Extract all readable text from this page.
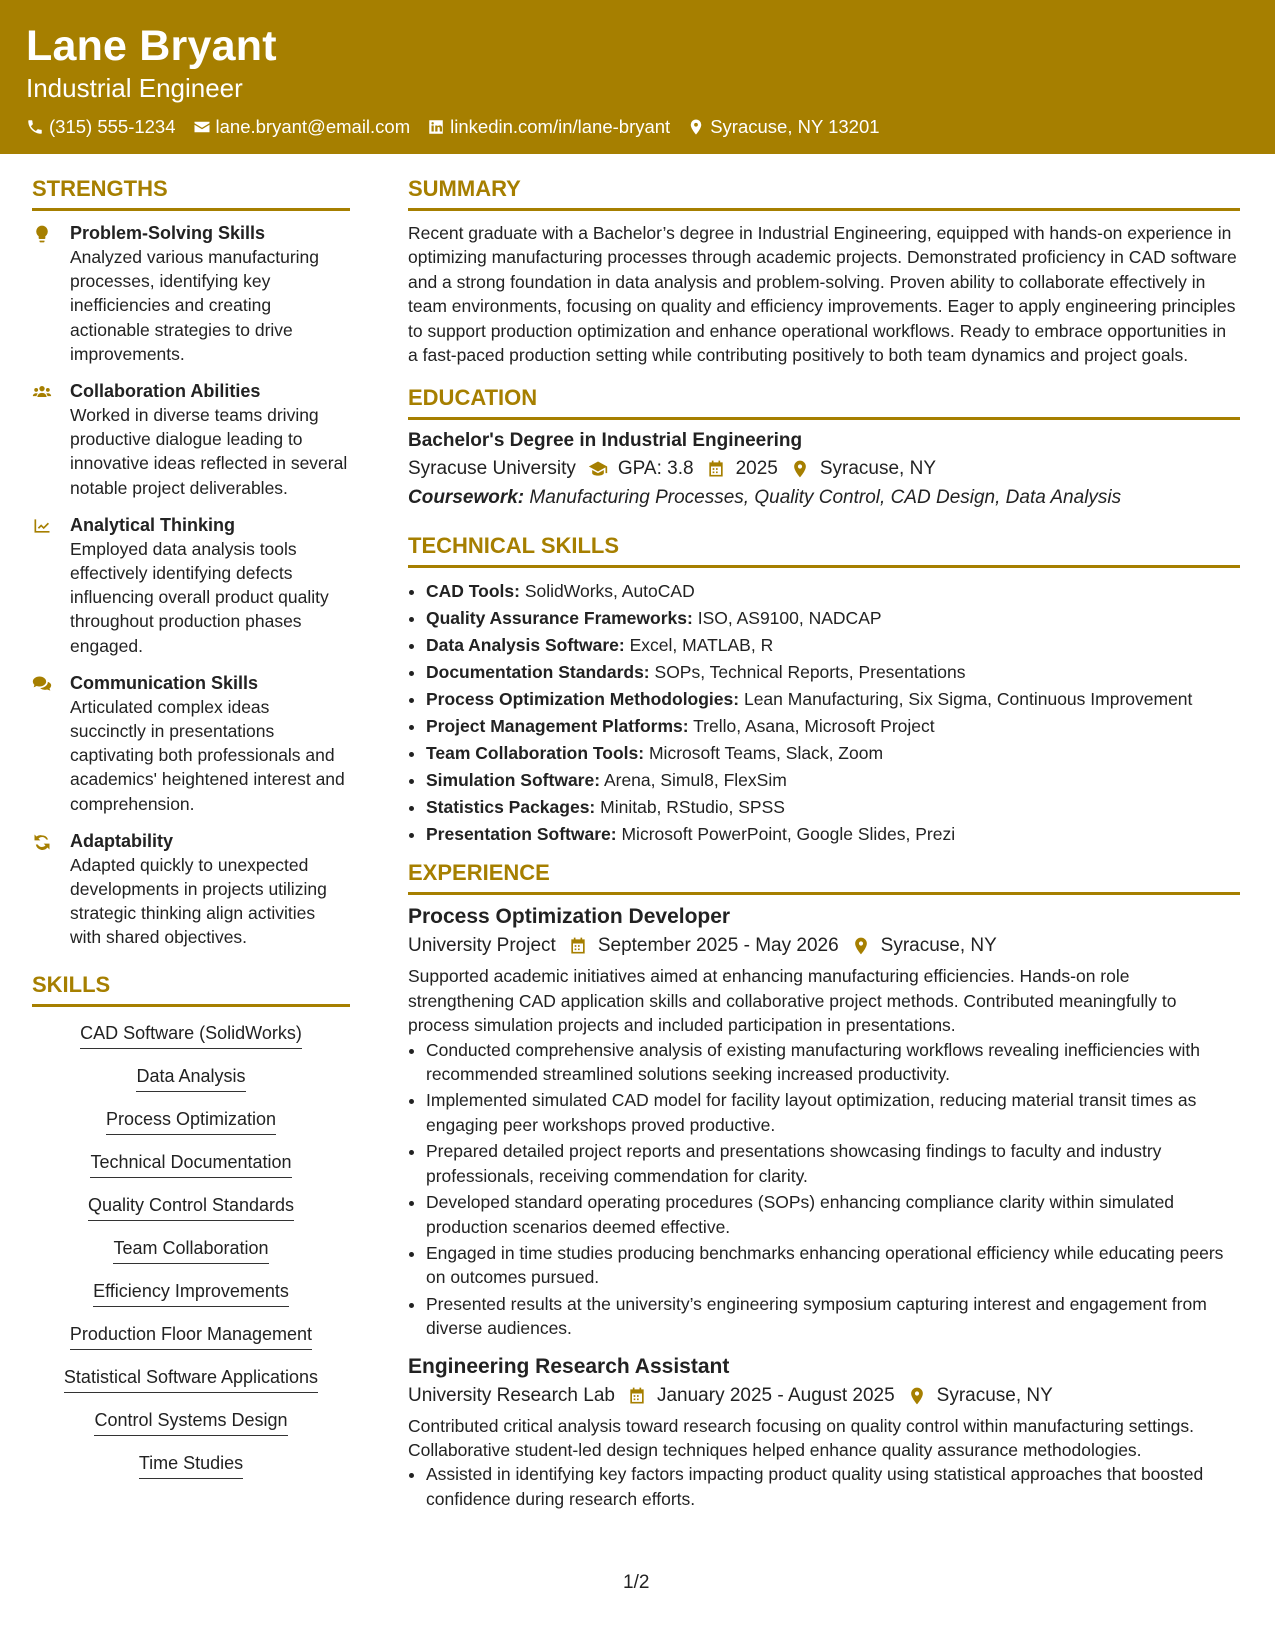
Lane Bryant
Industrial Engineer
(315) 555-1234 lane.bryant@email.com linkedin.com/in/lane-bryant Syracuse, NY 13201
STRENGTHS
Problem-Solving Skills
Analyzed various manufacturing processes, identifying key inefficiencies and creating actionable strategies to drive improvements.
Collaboration Abilities
Worked in diverse teams driving productive dialogue leading to innovative ideas reflected in several notable project deliverables.
Analytical Thinking
Employed data analysis tools effectively identifying defects influencing overall product quality throughout production phases engaged.
Communication Skills
Articulated complex ideas succinctly in presentations captivating both professionals and academics' heightened interest and comprehension.
Adaptability
Adapted quickly to unexpected developments in projects utilizing strategic thinking align activities with shared objectives.
SKILLS
CAD Software (SolidWorks)
Data Analysis
Process Optimization
Technical Documentation
Quality Control Standards
Team Collaboration
Efficiency Improvements
Production Floor Management
Statistical Software Applications
Control Systems Design
Time Studies
SUMMARY
Recent graduate with a Bachelor’s degree in Industrial Engineering, equipped with hands-on experience in optimizing manufacturing processes through academic projects. Demonstrated proficiency in CAD software and a strong foundation in data analysis and problem-solving. Proven ability to collaborate effectively in team environments, focusing on quality and efficiency improvements. Eager to apply engineering principles to support production optimization and enhance operational workflows. Ready to embrace opportunities in a fast-paced production setting while contributing positively to both team dynamics and project goals.
EDUCATION
Bachelor's Degree in Industrial Engineering
Syracuse University GPA: 3.8 2025 Syracuse, NY
Coursework: Manufacturing Processes, Quality Control, CAD Design, Data Analysis
TECHNICAL SKILLS
• CAD Tools: SolidWorks, AutoCAD
• Quality Assurance Frameworks: ISO, AS9100, NADCAP
• Data Analysis Software: Excel, MATLAB, R
• Documentation Standards: SOPs, Technical Reports, Presentations
• Process Optimization Methodologies: Lean Manufacturing, Six Sigma, Continuous Improvement
• Project Management Platforms: Trello, Asana, Microsoft Project
• Team Collaboration Tools: Microsoft Teams, Slack, Zoom
• Simulation Software: Arena, Simul8, FlexSim
• Statistics Packages: Minitab, RStudio, SPSS
• Presentation Software: Microsoft PowerPoint, Google Slides, Prezi
EXPERIENCE
Process Optimization Developer
University Project September 2025 - May 2026 Syracuse, NY
Supported academic initiatives aimed at enhancing manufacturing efficiencies. Hands-on role strengthening CAD application skills and collaborative project methods. Contributed meaningfully to process simulation projects and included participation in presentations.
• Conducted comprehensive analysis of existing manufacturing workflows revealing inefficiencies with recommended streamlined solutions seeking increased productivity.
• Implemented simulated CAD model for facility layout optimization, reducing material transit times as engaging peer workshops proved productive.
• Prepared detailed project reports and presentations showcasing findings to faculty and industry professionals, receiving commendation for clarity.
• Developed standard operating procedures (SOPs) enhancing compliance clarity within simulated production scenarios deemed effective.
• Engaged in time studies producing benchmarks enhancing operational efficiency while educating peers on outcomes pursued.
• Presented results at the university’s engineering symposium capturing interest and engagement from diverse audiences.
Engineering Research Assistant
University Research Lab January 2025 - August 2025 Syracuse, NY
Contributed critical analysis toward research focusing on quality control within manufacturing settings. Collaborative student-led design techniques helped enhance quality assurance methodologies.
• Assisted in identifying key factors impacting product quality using statistical approaches that boosted confidence during research efforts.
1/2
